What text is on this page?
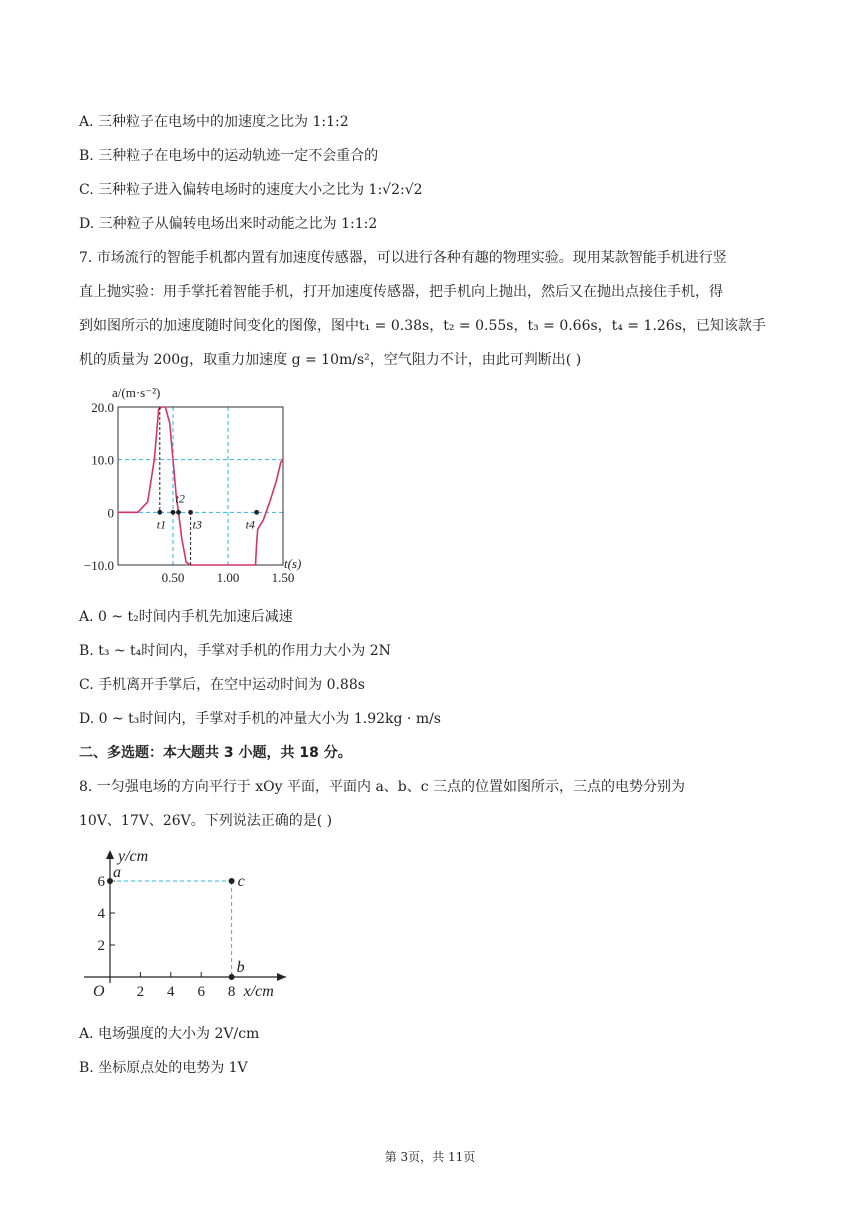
A. 三种粒子在电场中的加速度之比为 1:1:2
B. 三种粒子在电场中的运动轨迹一定不会重合的
C. 三种粒子进入偏转电场时的速度大小之比为 1:√2:√2
D. 三种粒子从偏转电场出来时动能之比为 1:1:2
7. 市场流行的智能手机都内置有加速度传感器，可以进行各种有趣的物理实验。现用某款智能手机进行竖
直上抛实验：用手掌托着智能手机，打开加速度传感器，把手机向上抛出，然后又在抛出点接住手机，得
到如图所示的加速度随时间变化的图像，图中t₁ = 0.38s，t₂ = 0.55s，t₃ = 0.66s，t₄ = 1.26s，已知该款手
机的质量为 200g，取重力加速度 g = 10m/s²，空气阻力不计，由此可判断出( )
20.0
10.0
0
−10.0
0.50 1.00 1.50
a/(m·s⁻²)
t(s)
t1
t2
t3	t4
A. 0 ~ t₂时间内手机先加速后减速
B. t₃ ~ t₄时间内，手掌对手机的作用力大小为 2N
C. 手机离开手掌后，在空中运动时间为 0.88s
D. 0 ~ t₃时间内，手掌对手机的冲量大小为 1.92kg · m/s
二、多选题：本大题共 3 小题，共 18 分。
8. 一匀强电场的方向平行于 xOy 平面，平面内 a、b、c 三点的位置如图所示，三点的电势分别为
10V、17V、26V。下列说法正确的是( )
2 4 6 8
2
4
6
O
y/cm
x/cm
a
c
b
A. 电场强度的大小为 2V/cm
B. 坐标原点处的电势为 1V
第 3页，共 11页
